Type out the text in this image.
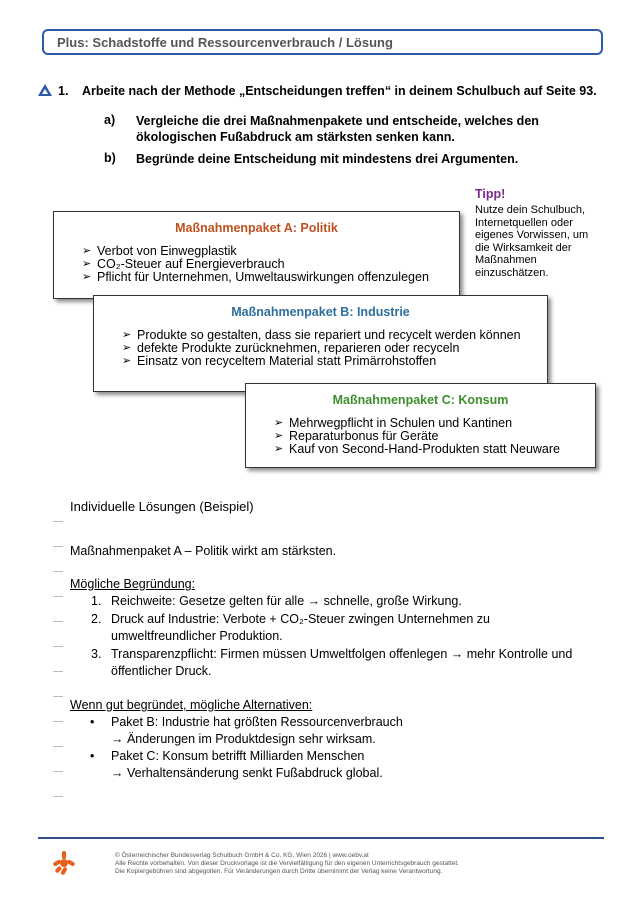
Plus: Schadstoffe und Ressourcenverbrauch / Lösung
1. Arbeite nach der Methode „Entscheidungen treffen“ in deinem Schulbuch auf Seite 93.
a) Vergleiche die drei Maßnahmenpakete und entscheide, welches den
ökologischen Fußabdruck am stärksten senken kann.
b) Begründe deine Entscheidung mit mindestens drei Argumenten.
Tipp!
Nutze dein Schulbuch, Internetquellen oder eigenes Vorwissen, um die Wirksamkeit der Maßnahmen einzuschätzen.
Maßnahmenpaket A: Politik
➢ Verbot von Einwegplastik
➢ CO₂-Steuer auf Energieverbrauch
➢ Pflicht für Unternehmen, Umweltauswirkungen offenzulegen
Maßnahmenpaket B: Industrie
➢ Produkte so gestalten, dass sie repariert und recycelt werden können
➢ defekte Produkte zurücknehmen, reparieren oder recyceln
➢ Einsatz von recyceltem Material statt Primärrohstoffen
Maßnahmenpaket C: Konsum
➢ Mehrwegpflicht in Schulen und Kantinen
➢ Reparaturbonus für Geräte
➢ Kauf von Second-Hand-Produkten statt Neuware
Individuelle Lösungen (Beispiel)
Maßnahmenpaket A – Politik wirkt am stärksten.
Mögliche Begründung:
1. Reichweite: Gesetze gelten für alle → schnelle, große Wirkung.
2. Druck auf Industrie: Verbote + CO₂-Steuer zwingen Unternehmen zu
umweltfreundlicher Produktion.
3. Transparenzpflicht: Firmen müssen Umweltfolgen offenlegen → mehr Kontrolle und
öffentlicher Druck.
Wenn gut begründet, mögliche Alternativen:
• Paket B: Industrie hat größten Ressourcenverbrauch
→ Änderungen im Produktdesign sehr wirksam.
• Paket C: Konsum betrifft Milliarden Menschen
→ Verhaltensänderung senkt Fußabdruck global.
© Österreichischer Bundesverlag Schulbuch GmbH & Co. KG, Wien 2026 | www.oebv.at
Alle Rechte vorbehalten. Von dieser Druckvorlage ist die Vervielfältigung für den eigenen Unterrichtsgebrauch gestattet.
Die Kopiergebühren sind abgegolten. Für Veränderungen durch Dritte übernimmt der Verlag keine Verantwortung.
